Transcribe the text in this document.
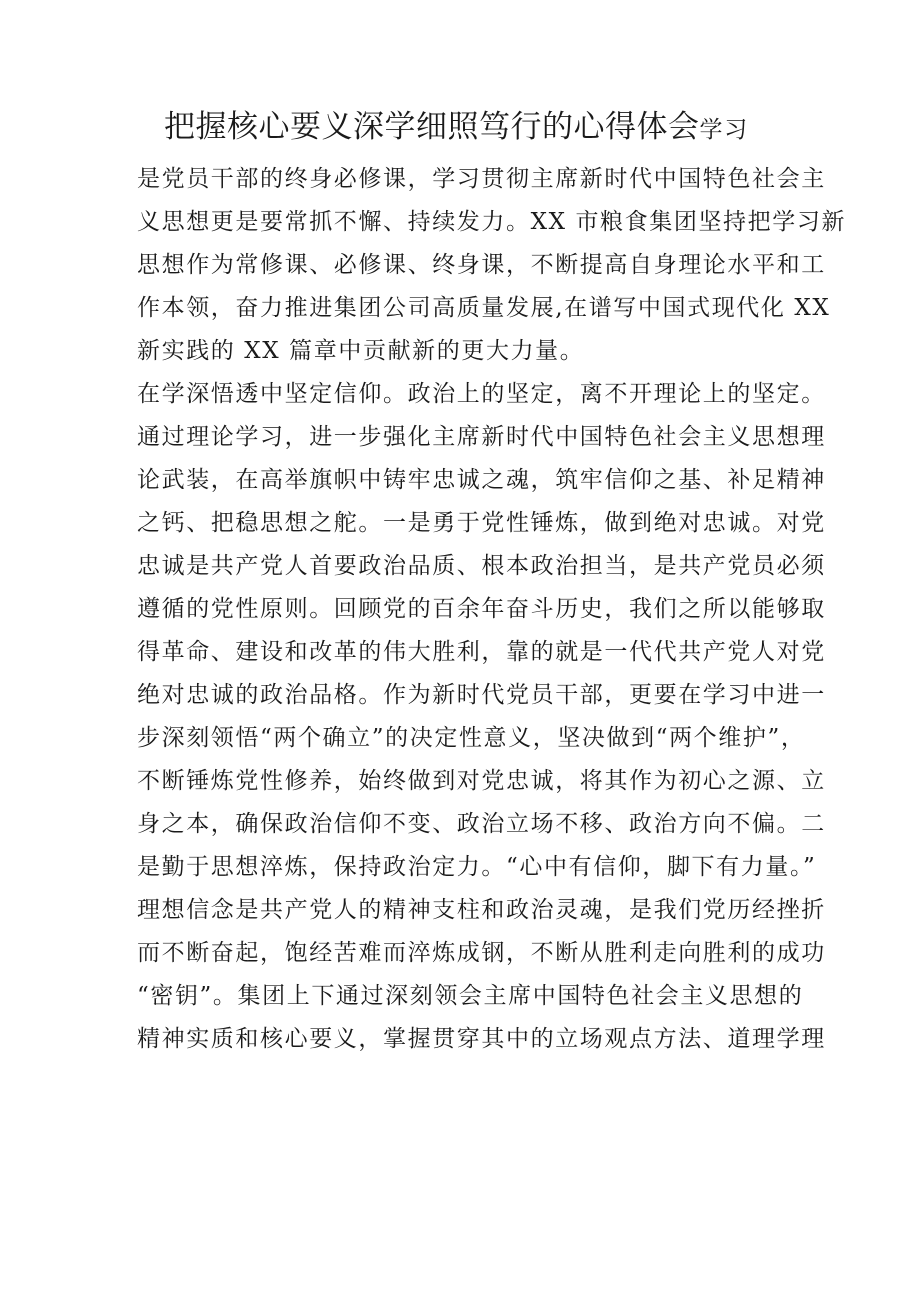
把握核心要义深学细照笃行的心得体会学习
是党员干部的终身必修课，学习贯彻主席新时代中国特色社会主
义思想更是要常抓不懈、持续发力。XX 市粮食集团坚持把学习新
思想作为常修课、必修课、终身课，不断提高自身理论水平和工
作本领，奋力推进集团公司高质量发展,在谱写中国式现代化 XX
新实践的 XX 篇章中贡献新的更大力量。
在学深悟透中坚定信仰。政治上的坚定，离不开理论上的坚定。
通过理论学习，进一步强化主席新时代中国特色社会主义思想理
论武装，在高举旗帜中铸牢忠诚之魂，筑牢信仰之基、补足精神
之钙、把稳思想之舵。一是勇于党性锤炼，做到绝对忠诚。对党
忠诚是共产党人首要政治品质、根本政治担当，是共产党员必须
遵循的党性原则。回顾党的百余年奋斗历史，我们之所以能够取
得革命、建设和改革的伟大胜利，靠的就是一代代共产党人对党
绝对忠诚的政治品格。作为新时代党员干部，更要在学习中进一
步深刻领悟“两个确立”的决定性意义，坚决做到“两个维护”，
不断锤炼党性修养，始终做到对党忠诚，将其作为初心之源、立
身之本，确保政治信仰不变、政治立场不移、政治方向不偏。二
是勤于思想淬炼，保持政治定力。“心中有信仰，脚下有力量。”
理想信念是共产党人的精神支柱和政治灵魂，是我们党历经挫折
而不断奋起，饱经苦难而淬炼成钢，不断从胜利走向胜利的成功
“密钥”。集团上下通过深刻领会主席中国特色社会主义思想的
精神实质和核心要义，掌握贯穿其中的立场观点方法、道理学理
